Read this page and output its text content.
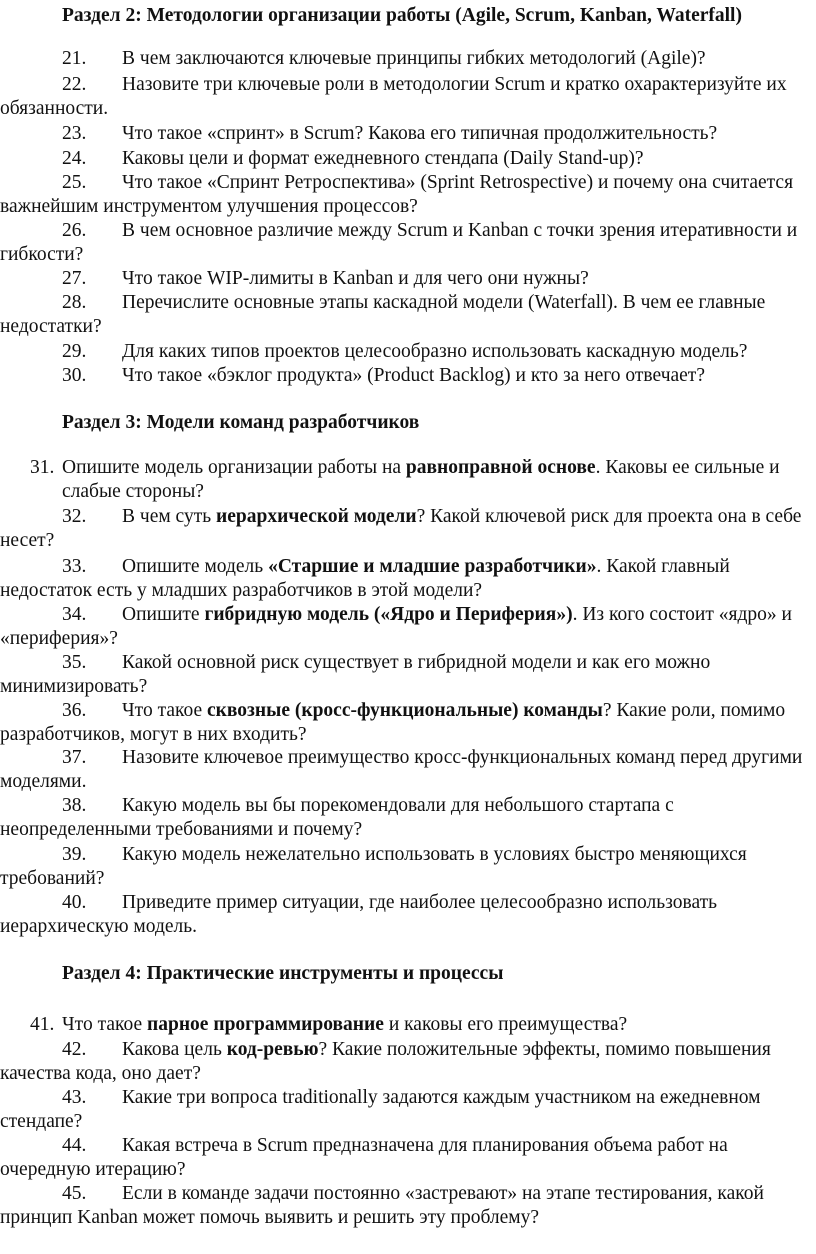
Раздел 2: Методологии организации работы (Agile, Scrum, Kanban, Waterfall)

21. В чем заключаются ключевые принципы гибких методологий (Agile)?

22. Назовите три ключевые роли в методологии Scrum и кратко охарактеризуйте их обязанности.

23. Что такое «спринт» в Scrum? Какова его типичная продолжительность?

24. Каковы цели и формат ежедневного стендапа (Daily Stand-up)?

25. Что такое «Спринт Ретроспектива» (Sprint Retrospective) и почему она считается важнейшим инструментом улучшения процессов?

26. В чем основное различие между Scrum и Kanban с точки зрения итеративности и гибкости?

27. Что такое WIP-лимиты в Kanban и для чего они нужны?

28. Перечислите основные этапы каскадной модели (Waterfall). В чем ее главные недостатки?

29. Для каких типов проектов целесообразно использовать каскадную модель?

30. Что такое «бэклог продукта» (Product Backlog) и кто за него отвечает?

Раздел 3: Модели команд разработчиков

31. Опишите модель организации работы на равноправной основе. Каковы ее сильные и слабые стороны?

32. В чем суть иерархической модели? Какой ключевой риск для проекта она в себе несет?

33. Опишите модель «Старшие и младшие разработчики». Какой главный недостаток есть у младших разработчиков в этой модели?

34. Опишите гибридную модель («Ядро и Периферия»). Из кого состоит «ядро» и «периферия»?

35. Какой основной риск существует в гибридной модели и как его можно минимизировать?

36. Что такое сквозные (кросс-функциональные) команды? Какие роли, помимо разработчиков, могут в них входить?

37. Назовите ключевое преимущество кросс-функциональных команд перед другими моделями.

38. Какую модель вы бы порекомендовали для небольшого стартапа с неопределенными требованиями и почему?

39. Какую модель нежелательно использовать в условиях быстро меняющихся требований?

40. Приведите пример ситуации, где наиболее целесообразно использовать иерархическую модель.

Раздел 4: Практические инструменты и процессы

41. Что такое парное программирование и каковы его преимущества?

42. Какова цель код-ревью? Какие положительные эффекты, помимо повышения качества кода, оно дает?

43. Какие три вопроса traditionally задаются каждым участником на ежедневном стендапе?

44. Какая встреча в Scrum предназначена для планирования объема работ на очередную итерацию?

45. Если в команде задачи постоянно «застревают» на этапе тестирования, какой принцип Kanban может помочь выявить и решить эту проблему?
